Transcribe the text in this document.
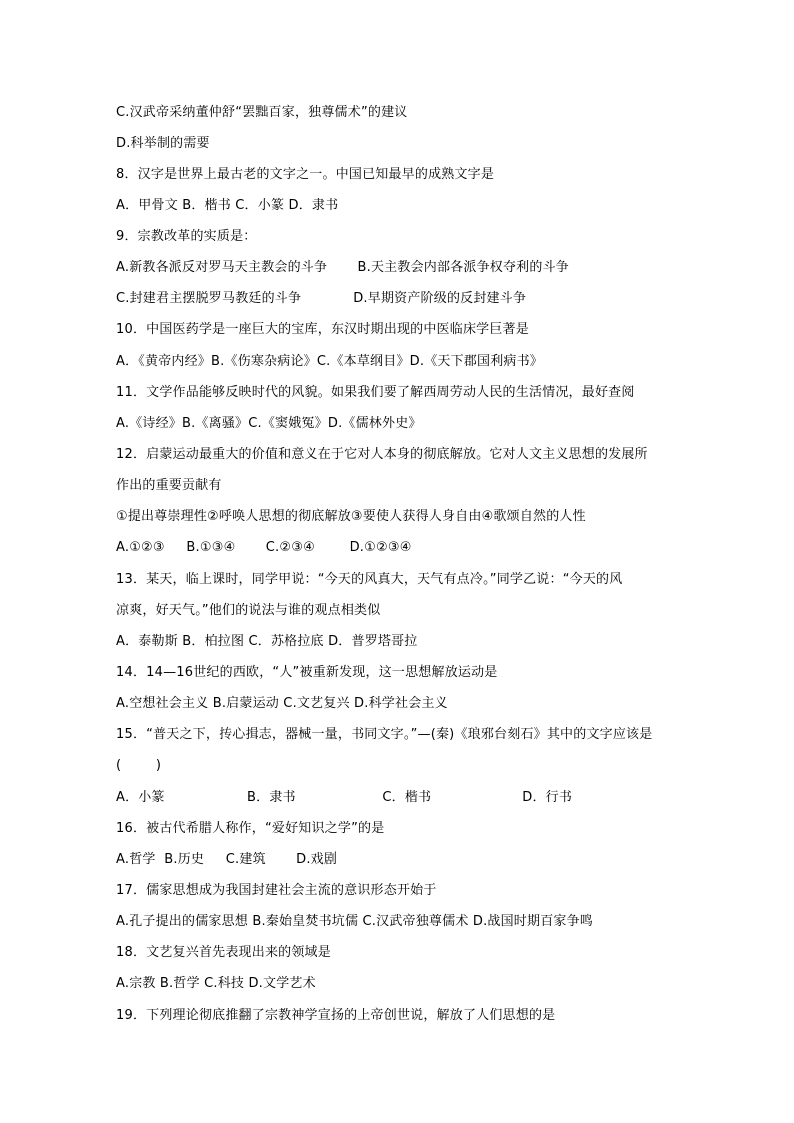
C.汉武帝采纳董仲舒“罢黜百家，独尊儒术”的建议
D.科举制的需要
8．汉字是世界上最古老的文字之一。中国已知最早的成熟文字是
A．甲骨文 B．楷书 C．小篆 D．隶书
9．宗教改革的实质是：
A.新教各派反对罗马天主教会的斗争       B.天主教会内部各派争权夺利的斗争
C.封建君主摆脱罗马教廷的斗争            D.早期资产阶级的反封建斗争
10．中国医药学是一座巨大的宝库，东汉时期出现的中医临床学巨著是
A．《黄帝内经》B.《伤寒杂病论》C.《本草纲目》D.《天下郡国利病书》
11．文学作品能够反映时代的风貌。如果我们要了解西周劳动人民的生活情况，最好查阅
A.《诗经》B.《离骚》C.《窦娥冤》D.《儒林外史》
12．启蒙运动最重大的价值和意义在于它对人本身的彻底解放。它对人文主义思想的发展所
作出的重要贡献有
①提出尊崇理性②呼唤人思想的彻底解放③要使人获得人身自由④歌颂自然的人性
A.①②③     B.①③④       C.②③④        D.①②③④
13．某天，临上课时，同学甲说：“今天的风真大，天气有点冷。”同学乙说：“今天的风
凉爽，好天气。”他们的说法与谁的观点相类似
A．泰勒斯 B．柏拉图 C．苏格拉底 D．普罗塔哥拉
14．14—16世纪的西欧，“人”被重新发现，这一思想解放运动是
A.空想社会主义 B.启蒙运动 C.文艺复兴 D.科学社会主义
15．“普天之下，抟心揖志，器械一量，书同文字。”—(秦)《琅邪台刻石》其中的文字应该是
(        )
A．小篆                   B．隶书                    C．楷书                     D．行书
16．被古代希腊人称作，“爱好知识之学”的是
A.哲学  B.历史     C.建筑       D.戏剧
17．儒家思想成为我国封建社会主流的意识形态开始于
A.孔子提出的儒家思想 B.秦始皇焚书坑儒 C.汉武帝独尊儒术 D.战国时期百家争鸣
18．文艺复兴首先表现出来的领域是
A.宗教 B.哲学 C.科技 D.文学艺术
19．下列理论彻底推翻了宗教神学宣扬的上帝创世说，解放了人们思想的是
